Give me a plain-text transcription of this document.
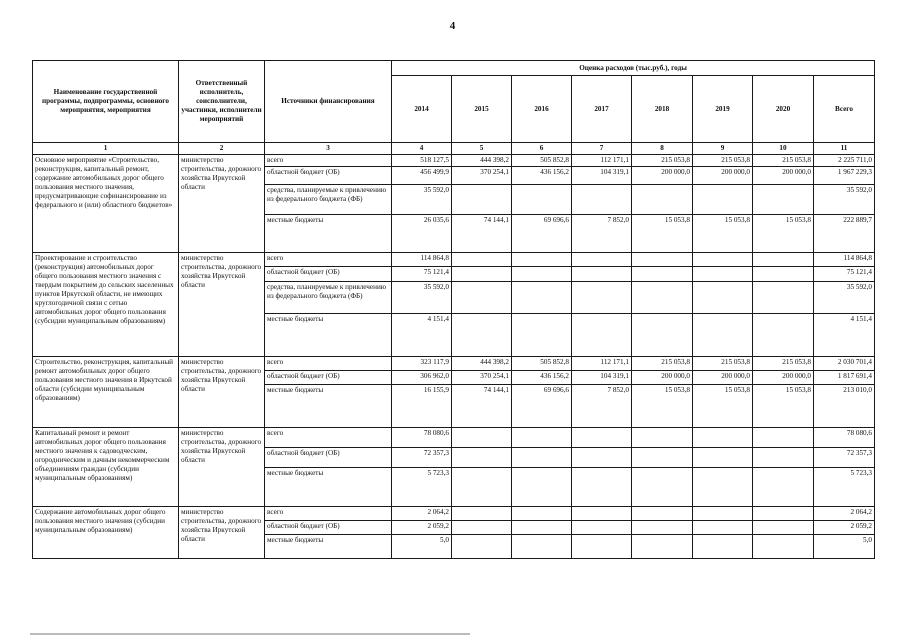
4
Наименование государственной программы, подпрограммы, основного мероприятия, мероприятия	Ответственный исполнитель, соисполнители, участники, исполнители мероприятий	Источники финансирования	Оценка расходов (тыс.руб.), годы							
			2014	2015	2016	2017	2018	2019	2020	Всего
1	2	3	4	5	6	7	8	9	10	11
Основное мероприятие «Строительство, реконструкция, капитальный ремонт, содержание автомобильных дорог общего пользования местного значения, предусматривающие софинансирование из федерального и (или) областного бюджетов»	министерство строительства, дорожного хозяйства Иркутской области	всего	518 127,5	444 398,2	505 852,8	112 171,1	215 053,8	215 053,8	215 053,8	2 225 711,0
		областной бюджет (ОБ)	456 499,9	370 254,1	436 156,2	104 319,1	200 000,0	200 000,0	200 000,0	1 967 229,3
		средства, планируемые к привлечению из федерального бюджета (ФБ)	35 592,0							35 592,0
		местные бюджеты	26 035,6	74 144,1	69 696,6	7 852,0	15 053,8	15 053,8	15 053,8	222 889,7
Проектирование и строительство (реконструкция) автомобильных дорог общего пользования местного значения с твердым покрытием до сельских населенных пунктов Иркутской области, не имеющих круглогодичной связи с сетью автомобильных дорог общего пользования (субсидии муниципальным образованиям)	министерство строительства, дорожного хозяйства Иркутской области	всего	114 864,8							114 864,8
		областной бюджет (ОБ)	75 121,4							75 121,4
		средства, планируемые к привлечению из федерального бюджета (ФБ)	35 592,0							35 592,0
		местные бюджеты	4 151,4							4 151,4
Строительство, реконструкция, капитальный ремонт автомобильных дорог общего пользования местного значения в Иркутской области (субсидии муниципальным образованиям)	министерство строительства, дорожного хозяйства Иркутской области	всего	323 117,9	444 398,2	505 852,8	112 171,1	215 053,8	215 053,8	215 053,8	2 030 701,4
		областной бюджет (ОБ)	306 962,0	370 254,1	436 156,2	104 319,1	200 000,0	200 000,0	200 000,0	1 817 691,4
		местные бюджеты	16 155,9	74 144,1	69 696,6	7 852,0	15 053,8	15 053,8	15 053,8	213 010,0
Капитальный ремонт и ремонт автомобильных дорог общего пользования местного значения к садоводческим, огородническим и дачным некоммерческим объединениям граждан (субсидии муниципальным образованиям)	министерство строительства, дорожного хозяйства Иркутской области	всего	78 080,6							78 080,6
		областной бюджет (ОБ)	72 357,3							72 357,3
		местные бюджеты	5 723,3							5 723,3
Содержание автомобильных дорог общего пользования местного значения (субсидии муниципальным образованиям)	министерство строительства, дорожного хозяйства Иркутской области	всего	2 064,2							2 064,2
		областной бюджет (ОБ)	2 059,2							2 059,2
		местные бюджеты	5,0							5,0
